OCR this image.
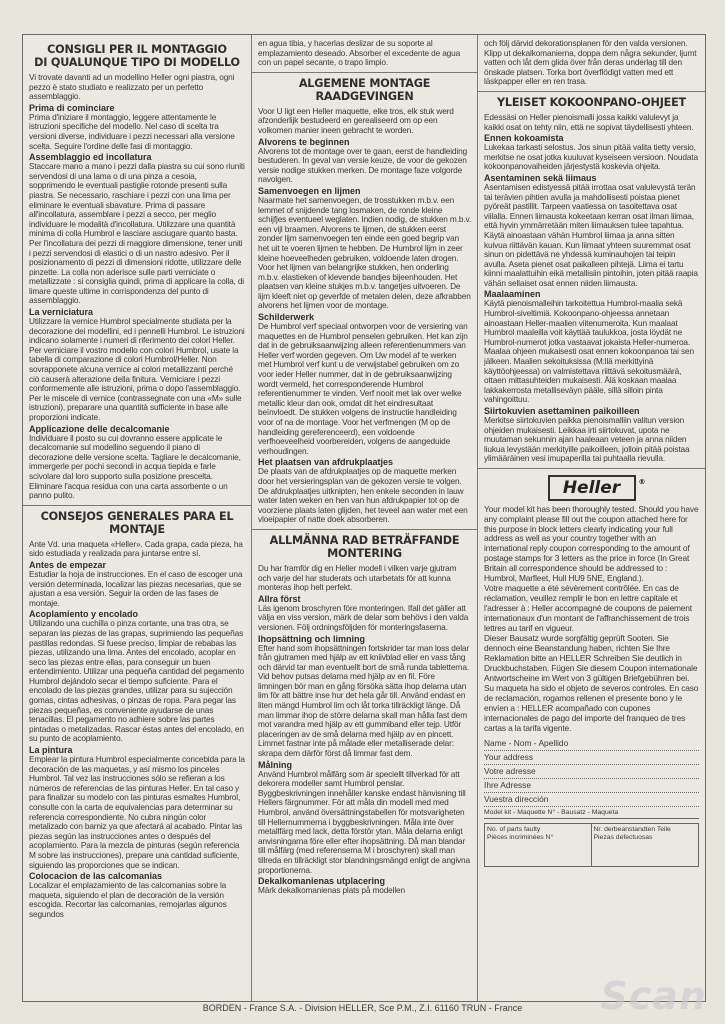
CONSIGLI PER IL MONTAGGIO
DI QUALUNQUE TIPO DI MODELLO

Vi trovate davanti ad un modellino Heller ogni piastra, ogni pezzo è stato studiato e realizzato per un perfetto assemblaggio.

Prima di cominciare

Prima d'iniziare il montaggio, leggere attentamente le istruzioni specifiche del modello. Nel caso di scelta tra versioni diverse, individuare i pezzi necessari alla versione scelta. Seguire l'ordine delle fasi di montaggio.

Assemblaggio ed incollatura

Staccare mano a mano i pezzi dalla piastra su cui sono riuniti servendosi di una lama o di una pinza a cesoia, sopprimendo le eventuali pastiglie rotonde presenti sulla piastra. Se necessario, raschiare i pezzi con una lima per eliminare le eventuali sbavature. Prima di passare all'incollatura, assemblare i pezzi a secco, per meglio individuare le modalità d'incollatura. Utilizzare una quantità minima di colla Humbrol e lasciare asciugare quanto basta. Per l'incollatura dei pezzi di maggiore dimensione, tener uniti i pezzi servendosi di elastici o di un nastro adesivo. Per il posizionamento di pezzi di dimensioni ridotte, utilizzare delle pinzette. La colla non aderisce sulle parti verniciate o metallizzate : si consiglia quindi, prima di applicare la colla, di limare queste ultime in corrispondenza del punto di assemblaggio.

La verniciatura

Utilizzare la vernice Humbrol specialmente studiata per la decorazione dei modellini, ed i pennelli Humbrol. Le istruzioni indicano solamente i numeri di riferimento dei colori Heller. Per verniciare il vostro modello con colori Humbrol, usate la tabella di comparazione di colori Humbrol/Heller. Non sovrapponete alcuna vernice ai colori metallizzanti perché ciò causerà alterazione della finitura. Verniciare i pezzi conformemente alle istruzioni, prima o dopo l'assemblaggio. Per le miscele di vernice (contrassegnate con una «M» sulle istruzioni), preparare una quantità sufficiente in base alle proporzioni indicate.

Applicazione delle decalcomanie

Individuare il posto su cui dovranno essere applicate le decalcomanie sul modellino seguendo il piano di decorazione delle versione scelta. Tagliare le decalcomanie, immergerle per pochi secondi in acqua tiepida e farle scivolare dal loro supporto sulla posizione prescelta. Eliminare l'acqua residua con una carta assorbente o un panno pulito.

CONSEJOS GENERALES PARA EL MONTAJE

Ante Vd. una maqueta «Heller». Cada grapa, cada pieza, ha sido estudiada y realizada para juntarse entre sí.

Antes de empezar

Estudiar la hoja de instrucciones. En el caso de escoger una versión determinada, localizar las piezas necesarias, que se ajustan a esa versión. Seguir la orden de las fases de montaje.

Acoplamiento y encolado

Utilizando una cuchilla o pinza cortante, una tras otra, se separan las piezas de las grapas, suprimiendo las pequeñas pastillas redondas. Si fuese preciso, limpiar de rebabas las piezas, utilizando una lima. Antes del encolado, acoplar en seco las piezas entre ellas, para conseguir un buen entendimiento. Utilizar una pequeña cantidad del pegamento Humbrol dejándolo secar el tiempo suficiente. Para el encolado de las piezas grandes, utilizar para su sujección gomas, cintas adhesivas, o pinzas de ropa. Para pegar las piezas pequeñas, es conveniente ayudarse de unas tenacillas. El pegamento no adhiere sobre las partes pintadas o metalizadas. Rascar éstas antes del encolado, en su punto de acoplamiento.

La pintura

Emplear la pintura Humbrol especialmente concebida para la decoración de las maquetas, y así mismo los pinceles Humbrol. Tal vez las instrucciones sólo se refieran a los números de referencias de las pinturas Heller. En tal caso y para finalizar su modelo con las pinturas esmaltes Humbrol, consulte con la carta de equivalencias para determinar su referencia correspondiente. No cubra ningún color metalizado con barniz ya que afectará al acabado. Pintar las piezas según las instrucciones antes o después del acoplamiento. Para la mezcla de pinturas (según referencia M sobre las instrucciones), prepare una cantidad suficiente, siguiendo las proporciones que se indican.

Colocacion de las calcomanias

Localizar el emplazamiento de las calcomanias sobre la maqueta, siguiendo el plan de decoración de la versión escogida. Recortar las calcomanias, remojarlas algunos segundos

en agua tibia, y hacerlas deslizar de su soporte al emplazamiento deseado. Absorber el excedente de agua con un papel secante, o trapo limpio.

ALGEMENE MONTAGE RAADGEVINGEN

Voor U ligt een Heller maquette, elke tros, elk stuk werd afzonderlijk bestudeerd en gerealiseerd om op een volkomen manier ineen gebracht te worden.

Alvorens te beginnen

Alvorens tot de montage over te gaan, eerst de handleiding bestuderen. In geval van versie keuze, de voor de gekozen versie nodige stukken merken. De montage faze volgorde navolgen.

Samenvoegen en lijmen

Naarmate het samenvoegen, de trosstukken m.b.v. een lemmet of snijdende tang losmaken, de ronde kleine schijfjes eventueel weglaten. Indien nodig, de stukken m.b.v. een vijl braamen. Alvorens te lijmen, de stukken eerst zonder lijm samenvoegen ten einde een goed begrip van het uit te voeren lijmen te hebben. De Humbrol lijm in zeer kleine hoeveelheden gebruiken, voldoende laten drogen. Voor het lijmen van belangrijke stukken, hen onderling m.b.v. elastieken of klevende bandjes bijeenhouden. Het plaatsen van kleine stukjes m.b.v. tangetjes uitvoeren. De lijm kleeft niet op geverfde of metalen delen, deze afkrabben alvorens het lijmen voor de montage.

Schilderwerk

De Humbrol verf speciaal ontworpen voor de versiering van maquettes en de Humbrol penselen gebruiken. Het kan zijn dat in de gebruiksaanwijzing alleen referentienummers van Heller verf worden gegeven. Om Uw model af te werken met Humbrol verf kunt u de verwijstabel gebruiken om zo voor ieder Heller nummer, dat in de gebruiksaanwijzing wordt vermeld, het corresponderende Humbrol referentienummer te vinden. Verf nooit met lak over welke metallic kleur dan ook, omdat dit het eindresultaat beïnvloedt. De stukken volgens de instructie handleiding voor of na de montage. Voor het verfmengen (M op de handleiding gereferenceerd), een voldoende verfhoeveelheid voorbereiden, volgens de aangeduide verhoudingen.

Het plaatsen van afdrukplaatjes

De plaats van de afdrukplaatjes op de maquette merken door het versieringsplan van de gekozen versie te volgen. De afdrukplaatjes uitknipten, hen enkele seconden in lauw water laten weken en hen van hun afdrukpapier tot op de voorziene plaats laten glijden, het teveel aan water met een vloeipapier of natte doek absorberen.

ALLMÄNNA RAD BETRÄFFANDE
MONTERING

Du har framför dig en Heller modell i vilken varje gjutram och varje del har studerats och utarbetats för att kunna monteras ihop helt perfekt.

Allra först

Läs igenom broschyren före monteringen. Ifall det gäller att välja en viss version, märk de delar som behövs i den valda versionen. Följ ordningsföljden för monteringsfaserna.

Ihopsättning och limning

Efter hand som ihopsättningen fortskrider tar man loss delar från gjutramen med hjälp av ett kniivblad eller en vass tång och därvid tar man eventuellt bort de små runda tabletterna. Vid behov putsas delarna med hjälp av en fil. Före limningen bör man en gång försöka sätta ihop delarna utan lim för att bättre inse hur det hela går till. Använd endast en liten mängd Humbrol lim och låt torka tillräckligt länge. Då man limmar ihop de större delarna skall man hålla fast dem mot varandra med hjälp av ett gummiband eller tejp. Utför placeringen av de små delarna med hjälp av en pincett. Limmet fastnar inte på målade eller metalliserade delar: skrapa dem därför först då limmar fast dem.

Målning

Använd Humbrol målfärg som är speciellt tillverkad för att dekorera modeller samt Humbrol penslar. Byggbeskrivningen innehåller kanske endast hänvisning till Hellers färgnummer. För att måla din modell med med Humbrol, använd översättningstabellen för motsvarigheten till Hellernummerna i byggbeskrivningen. Måla inte över metallfärg med lack, detta förstör ytan. Måla delarna enligt anvisningarna före eller efter ihopsättning. Då man blandar till målfärg (med referenserna M i broschyren) skall man tillreda en tillräckligt stor blandningsmängd enligt de angivna proportionerna.

Dekalkomanienas utplacering

Märk dekalkomanienas plats på modellen

och följ därvid dekorationsplanen för den valda versionen. Klipp ut dekalkomanierna, doppa dem några sekunder, ljumt vatten och låt dem glida över från deras underlag till den önskade platsen. Torka bort överflödigt vatten med ett läskpapper eller en ren trasa.

YLEISET KOKOONPANO-OHJEET

Edessäsi on Heller pienoismalli jossa kaikki valulevyt ja kaikki osat on tehty niin, että ne sopivat täydellisesti yhteen.

Ennen kokoamista

Lukekaa tarkasti selostus. Jos sinun pitää valita tietty versio, merkitse ne osat jotka kuuluvat kyseiseen versioon. Noudata kokoonpanovaiheiden järjestystä koskevia ohjeita.

Asentaminen sekä liimaus

Asentamisen edistyessä pitää irrottaa osat valulevystä terän tai terävien pihtien avulla ja mahdollisesti poistaa pienet pyöreät pastillit. Tarpeen vaatiessa on tasoitettava osat viilalla. Ennen liimausta kokeetaan kerran osat ilman liimaa, että hyvin ymmärretään miten liimauksen tulee tapahtua. Käytä ainoastaan vähän Humbrol liimaa ja anna sitten kuivua riittävän kauan. Kun liimaat yhteen suuremmat osat sinun on pidettävä ne yhdessä kuminauhojen tai teipin avulla. Aseta pienet osat paikalleen pihtejä. Liima ei tartu kiinni maalattuihin eikä metallisiin pintoihin, joten pitää raapia vähän sellaiset osat ennen niiden liimausta.

Maalaaminen

Käytä pienoismalleihin tarkoitettua Humbrol-maalia sekä Humbrol-siveltimiä. Kokoonpano-ohjeessa annetaan ainoastaan Heller-maalien viitenumeroita. Kun maalaat Humbrol maaleilla voit käyttää taulukkoa, josta löydät ne Humbrol-numerot jotka vastaavat jokaista Heller-numeroa. Maalaa ohjeen mukaisesti osat ennen kokoonpanoa tai sen jälkeen. Maalien sekoituksissa (M:llä merkittyinä käyttöohjeessa) on valmistettava riittävä sekoitusmäärä, ottaen mittasuhteiden mukaisesti. Älä koskaan maalaa lakkakerrosta metalliseväyn pääle, sillä silloin pinta vahingoittuu.

Siirtokuvien asettaminen paikoilleen

Merkitse siirtokuvien paikka pienoismalliin valitun version ohjeiden mukaisesti. Leikkaa irti siirtokuvat, upota ne muutaman sekunnin ajan haaleaan veteen ja anna niiden liukua levystään merkityille paikoilleen, jolloin pitää poistaa ylimääräinen vesi imupaperilla tai puhtaalla rievulla.

Heller	®

Your model kit has been thoroughly tested. Should you have any complaint please fill out the coupon attached here for this purpose in block letters clearly indicating your full address as well as your country together with an international reply coupon corresponding to the amount of postage stamps for 3 letters as the price in force (In Great Britain all correspondence should be addressed to : Humbrol, Marfleet, Hull HU9 5NE, England.).

Votre maquette a été sévèrement contrôlée. En cas de réclamation, veuillez remplir le bon en lettre capitale et l'adresser à : Heller accompagné de coupons de paiement internationaux d'un montant de l'affranchissement de trois lettres au tarif en vigueur.

Dieser Bausatz wurde sorgfältig geprüft Sooten. Sie dennoch eine Beanstandung haben, richten Sie Ihre Reklamation bitte an HELLER Schreiben Sie deutlich in Druckbuchstaben. Fügen Sie diesem Coupon internationale Antwortscheine im Wert von 3 gültigen Briefgebühren bei.

Su maqueta ha sido el objeto de severos controles. En caso de reclamación, rogamos rellenen el presente bono y le envíen a : HELLER acompañado con cupones internacionales de pago del importe del franqueo de tres cartas a la tarifa vigente.

Name - Nom - Apellido
Your address
Votre adresse
Ihre Adresse
Vuestra dirección
Model kit - Maquette N° - Bausatz - Maqueta
No. of parts faulty
Pièces incriminées N°
Nr. derbeanstandten Teile
Piezas defectuosas
BORDEN - France S.A. - Division HELLER, Sce P.M., Z.I. 61160 TRUN - France	Scan
